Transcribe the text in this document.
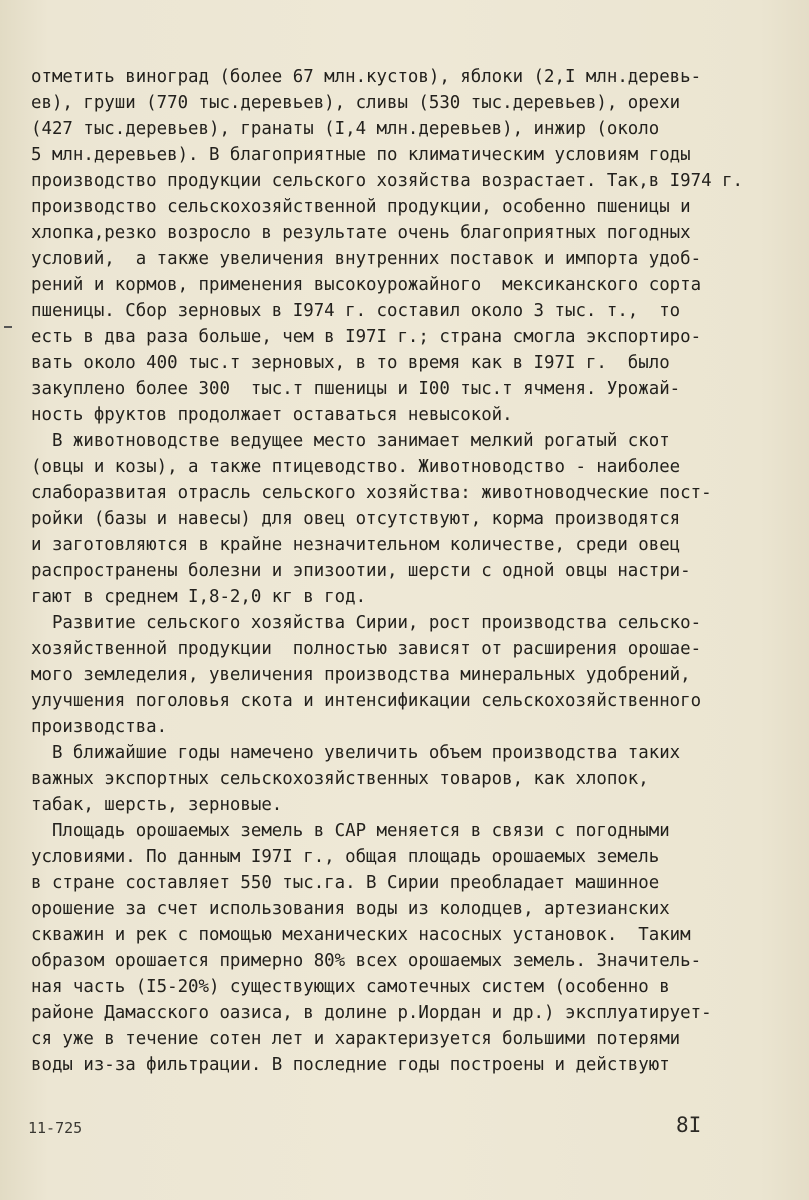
отметить виноград (более 67 млн.кустов), яблоки (2,I млн.деревь-
ев), груши (770 тыс.деревьев), сливы (530 тыс.деревьев), орехи
(427 тыс.деревьев), гранаты (I,4 млн.деревьев), инжир (около
5 млн.деревьев). В благоприятные по климатическим условиям годы
производство продукции сельского хозяйства возрастает. Так,в I974 г.
производство сельскохозяйственной продукции, особенно пшеницы и
хлопка,резко возросло в результате очень благоприятных погодных
условий,  а также увеличения внутренних поставок и импорта удоб-
рений и кормов, применения высокоурожайного  мексиканского сорта
пшеницы. Сбор зерновых в I974 г. составил около 3 тыс. т.,  то
есть в два раза больше, чем в I97I г.; страна смогла экспортиро-
вать около 400 тыс.т зерновых, в то время как в I97I г.  было
закуплено более 300  тыс.т пшеницы и I00 тыс.т ячменя. Урожай-
ность фруктов продолжает оставаться невысокой.
В животноводстве ведущее место занимает мелкий рогатый скот
(овцы и козы), а также птицеводство. Животноводство - наиболее
слаборазвитая отрасль сельского хозяйства: животноводческие пост-
ройки (базы и навесы) для овец отсутствуют, корма производятся
и заготовляются в крайне незначительном количестве, среди овец
распространены болезни и эпизоотии, шерсти с одной овцы настри-
гают в среднем I,8-2,0 кг в год.
Развитие сельского хозяйства Сирии, рост производства сельско-
хозяйственной продукции  полностью зависят от расширения орошае-
мого земледелия, увеличения производства минеральных удобрений,
улучшения поголовья скота и интенсификации сельскохозяйственного
производства.
В ближайшие годы намечено увеличить объем производства таких
важных экспортных сельскохозяйственных товаров, как хлопок,
табак, шерсть, зерновые.
Площадь орошаемых земель в САР меняется в связи с погодными
условиями. По данным I97I г., общая площадь орошаемых земель
в стране составляет 550 тыс.га. В Сирии преобладает машинное
орошение за счет использования воды из колодцев, артезианских
скважин и рек с помощью механических насосных установок.  Таким
образом орошается примерно 80% всех орошаемых земель. Значитель-
ная часть (I5-20%) существующих самотечных систем (особенно в
районе Дамасского оазиса, в долине р.Иордан и др.) эксплуатирует-
ся уже в течение сотен лет и характеризуется большими потерями
воды из-за фильтрации. В последние годы построены и действуют
11-725	8I
